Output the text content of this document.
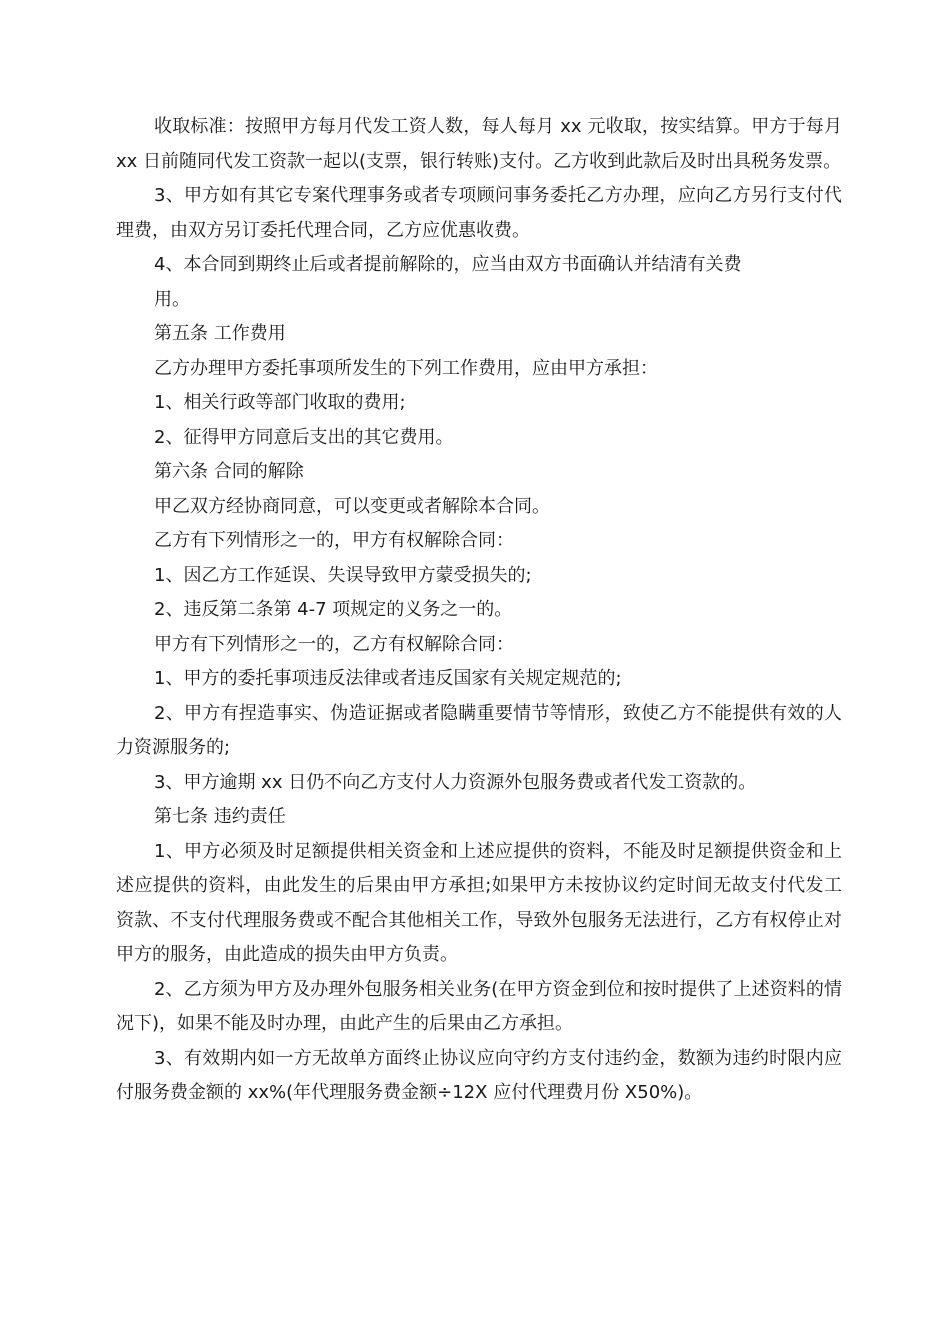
收取标准：按照甲方每月代发工资人数，每人每月 xx 元收取，按实结算。甲方于每月 xx 日前随同代发工资款一起以(支票，银行转账)支付。乙方收到此款后及时出具税务发票。

3、甲方如有其它专案代理事务或者专项顾问事务委托乙方办理，应向乙方另行支付代理费，由双方另订委托代理合同，乙方应优惠收费。

4、本合同到期终止后或者提前解除的，应当由双方书面确认并结清有关费

用。

第五条 工作费用

乙方办理甲方委托事项所发生的下列工作费用，应由甲方承担：

1、相关行政等部门收取的费用;

2、征得甲方同意后支出的其它费用。

第六条 合同的解除

甲乙双方经协商同意，可以变更或者解除本合同。

乙方有下列情形之一的，甲方有权解除合同：

1、因乙方工作延误、失误导致甲方蒙受损失的;

2、违反第二条第 4-7 项规定的义务之一的。

甲方有下列情形之一的，乙方有权解除合同：

1、甲方的委托事项违反法律或者违反国家有关规定规范的;

2、甲方有捏造事实、伪造证据或者隐瞒重要情节等情形，致使乙方不能提供有效的人力资源服务的;

3、甲方逾期 xx 日仍不向乙方支付人力资源外包服务费或者代发工资款的。

第七条 违约责任

1、甲方必须及时足额提供相关资金和上述应提供的资料，不能及时足额提供资金和上述应提供的资料，由此发生的后果由甲方承担;如果甲方未按协议约定时间无故支付代发工资款、不支付代理服务费或不配合其他相关工作，导致外包服务无法进行，乙方有权停止对甲方的服务，由此造成的损失由甲方负责。

2、乙方须为甲方及办理外包服务相关业务(在甲方资金到位和按时提供了上述资料的情况下)，如果不能及时办理，由此产生的后果由乙方承担。

3、有效期内如一方无故单方面终止协议应向守约方支付违约金，数额为违约时限内应付服务费金额的 xx%(年代理服务费金额÷12X 应付代理费月份 X50%)。
